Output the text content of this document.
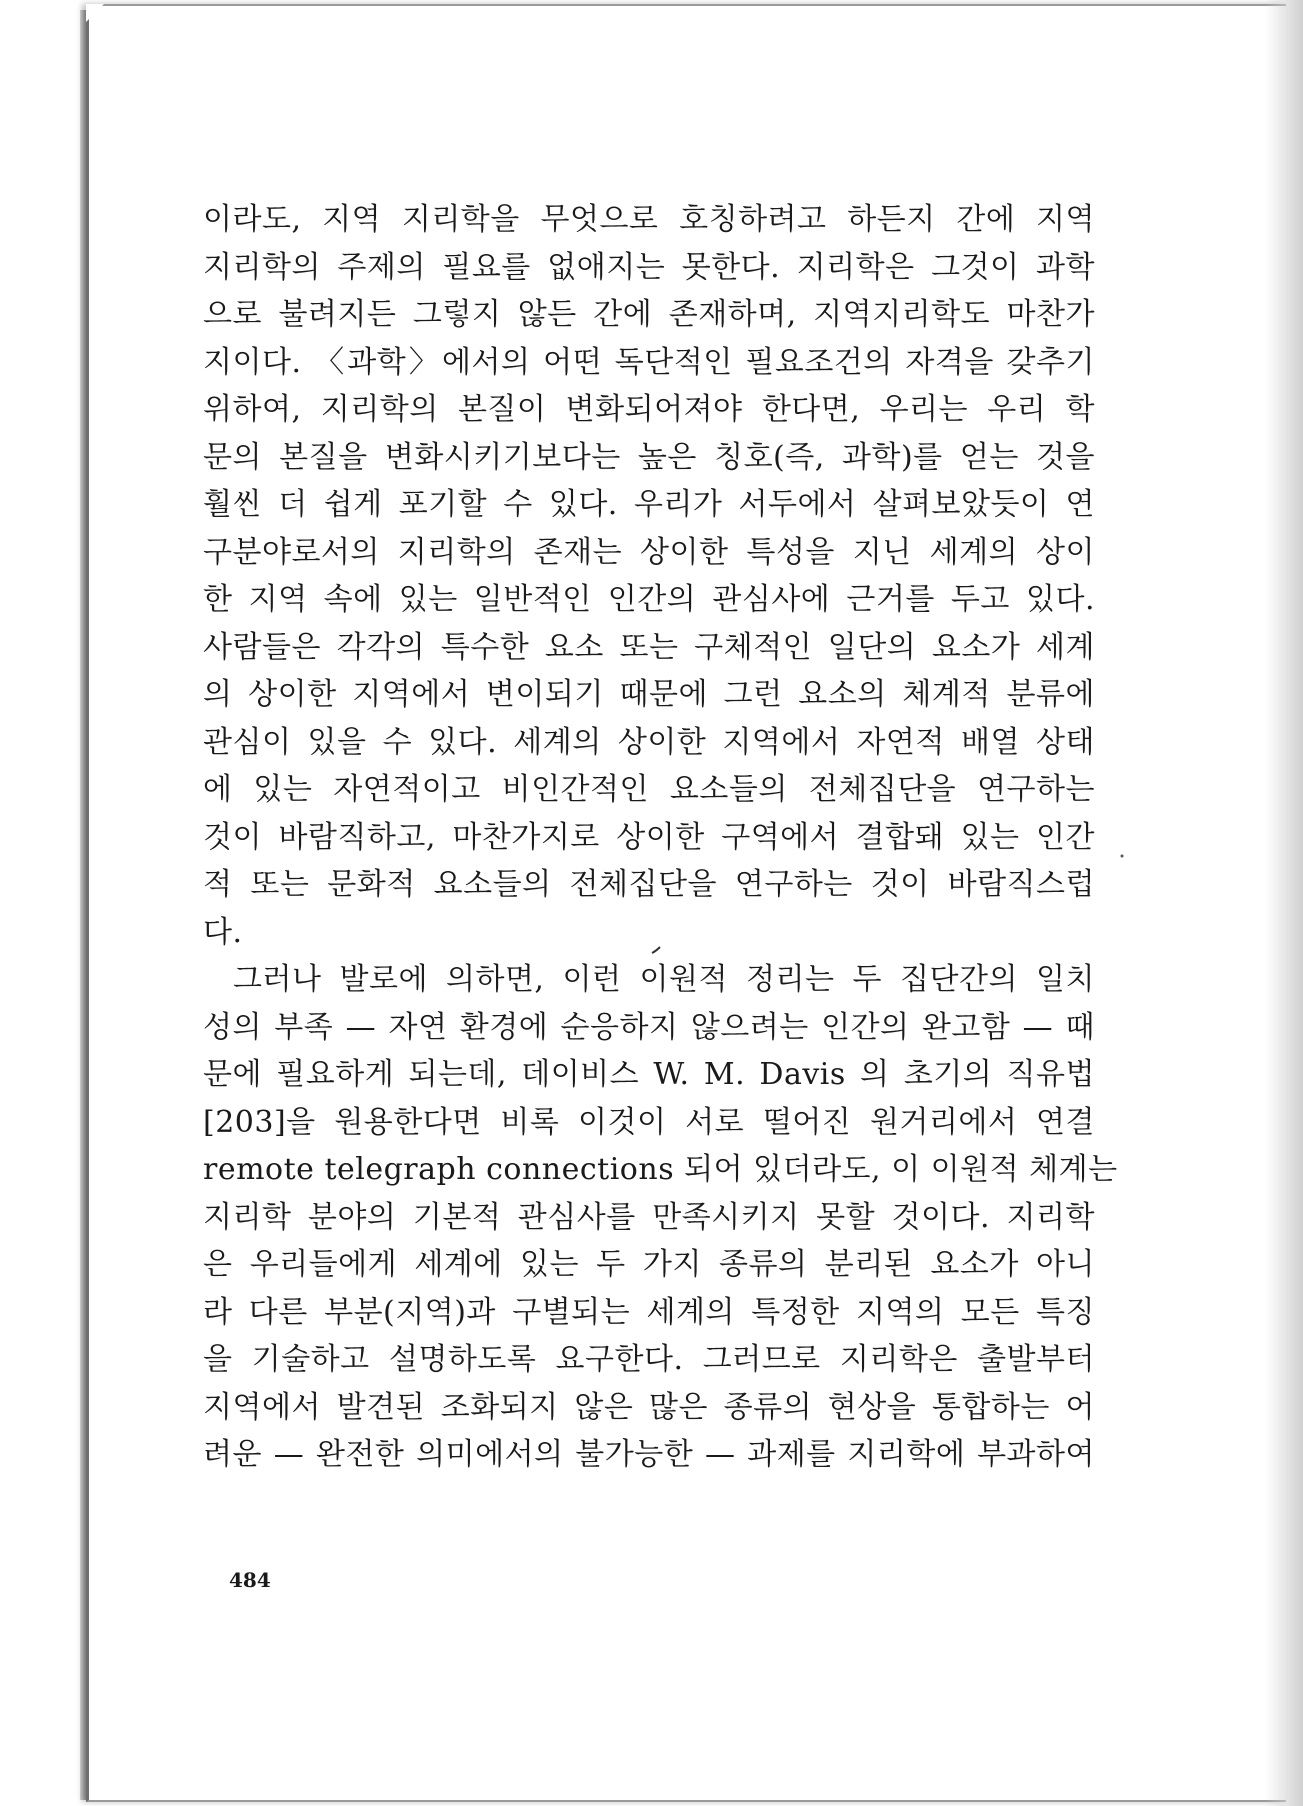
이라도, 지역 지리학을 무엇으로 호칭하려고 하든지 간에 지역
지리학의 주제의 필요를 없애지는 못한다. 지리학은 그것이 과학
으로 불려지든 그렇지 않든 간에 존재하며, 지역지리학도 마찬가
지이다. 〈과학〉에서의 어떤 독단적인 필요조건의 자격을 갖추기
위하여, 지리학의 본질이 변화되어져야 한다면, 우리는 우리 학
문의 본질을 변화시키기보다는 높은 칭호(즉, 과학)를 얻는 것을
훨씬 더 쉽게 포기할 수 있다. 우리가 서두에서 살펴보았듯이 연
구분야로서의 지리학의 존재는 상이한 특성을 지닌 세계의 상이
한 지역 속에 있는 일반적인 인간의 관심사에 근거를 두고 있다.
사람들은 각각의 특수한 요소 또는 구체적인 일단의 요소가 세계
의 상이한 지역에서 변이되기 때문에 그런 요소의 체계적 분류에
관심이 있을 수 있다. 세계의 상이한 지역에서 자연적 배열 상태
에 있는 자연적이고 비인간적인 요소들의 전체집단을 연구하는
것이 바람직하고, 마찬가지로 상이한 구역에서 결합돼 있는 인간
적 또는 문화적 요소들의 전체집단을 연구하는 것이 바람직스럽
다.
그러나 발로에 의하면, 이런 이원적 정리는 두 집단간의 일치
성의 부족 — 자연 환경에 순응하지 않으려는 인간의 완고함 — 때
문에 필요하게 되는데, 데이비스 W. M. Davis 의 초기의 직유법
[203]을 원용한다면 비록 이것이 서로 떨어진 원거리에서 연결
remote telegraph connections 되어 있더라도, 이 이원적 체계는
지리학 분야의 기본적 관심사를 만족시키지 못할 것이다. 지리학
은 우리들에게 세계에 있는 두 가지 종류의 분리된 요소가 아니
라 다른 부분(지역)과 구별되는 세계의 특정한 지역의 모든 특징
을 기술하고 설명하도록 요구한다. 그러므로 지리학은 출발부터
지역에서 발견된 조화되지 않은 많은 종류의 현상을 통합하는 어
려운 — 완전한 의미에서의 불가능한 — 과제를 지리학에 부과하여
484
